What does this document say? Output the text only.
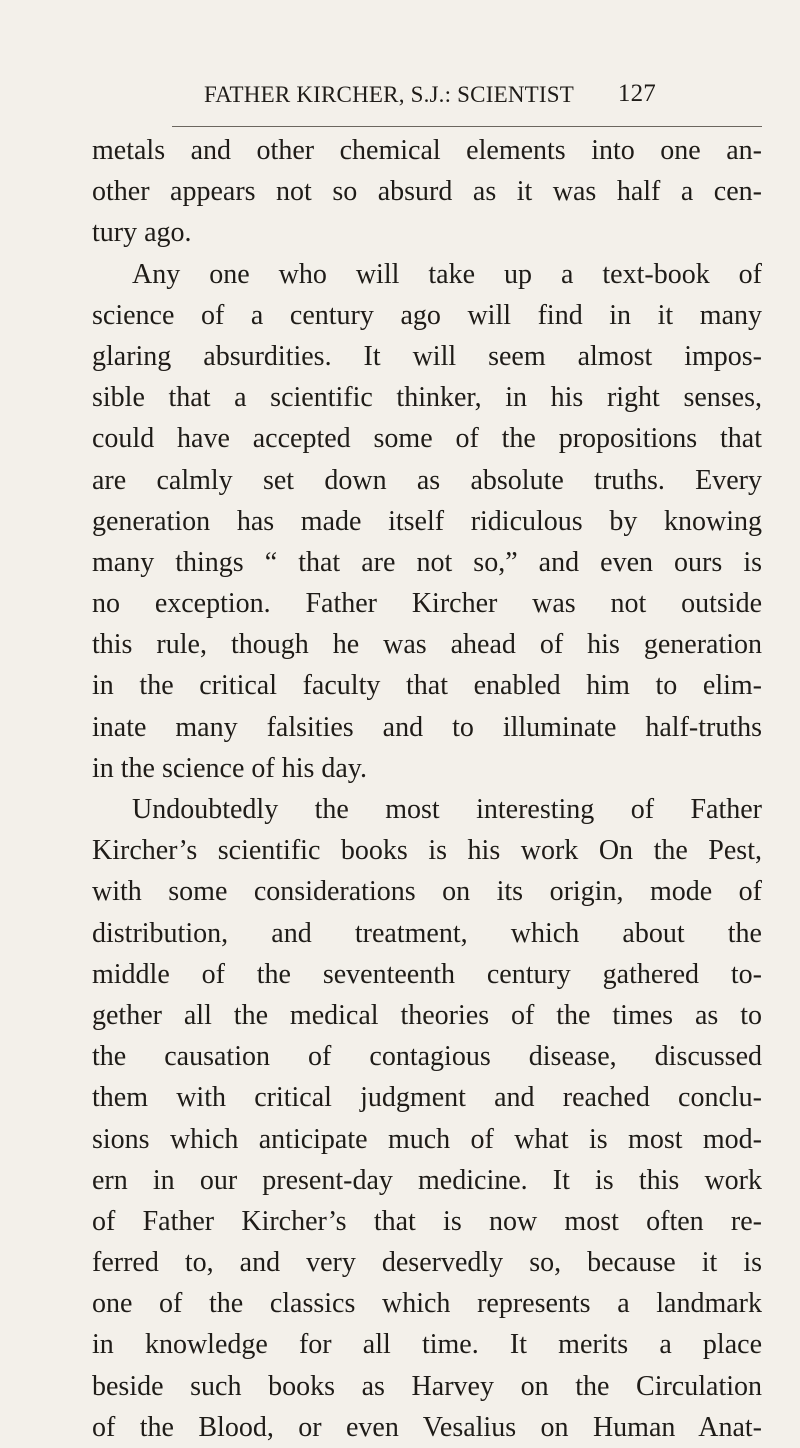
FATHER KIRCHER, S.J.: SCIENTIST 127
metals and other chemical elements into one an-
other appears not so absurd as it was half a cen-
tury ago.
Any one who will take up a text-book of
science of a century ago will find in it many
glaring absurdities. It will seem almost impos-
sible that a scientific thinker, in his right senses,
could have accepted some of the propositions that
are calmly set down as absolute truths. Every
generation has made itself ridiculous by knowing
many things “ that are not so,” and even ours is
no exception. Father Kircher was not outside
this rule, though he was ahead of his generation
in the critical faculty that enabled him to elim-
inate many falsities and to illuminate half-truths
in the science of his day.
Undoubtedly the most interesting of Father
Kircher’s scientific books is his work On the Pest,
with some considerations on its origin, mode of
distribution, and treatment, which about the
middle of the seventeenth century gathered to-
gether all the medical theories of the times as to
the causation of contagious disease, discussed
them with critical judgment and reached conclu-
sions which anticipate much of what is most mod-
ern in our present-day medicine. It is this work
of Father Kircher’s that is now most often re-
ferred to, and very deservedly so, because it is
one of the classics which represents a landmark
in knowledge for all time. It merits a place
beside such books as Harvey on the Circulation
of the Blood, or even Vesalius on Human Anat-
